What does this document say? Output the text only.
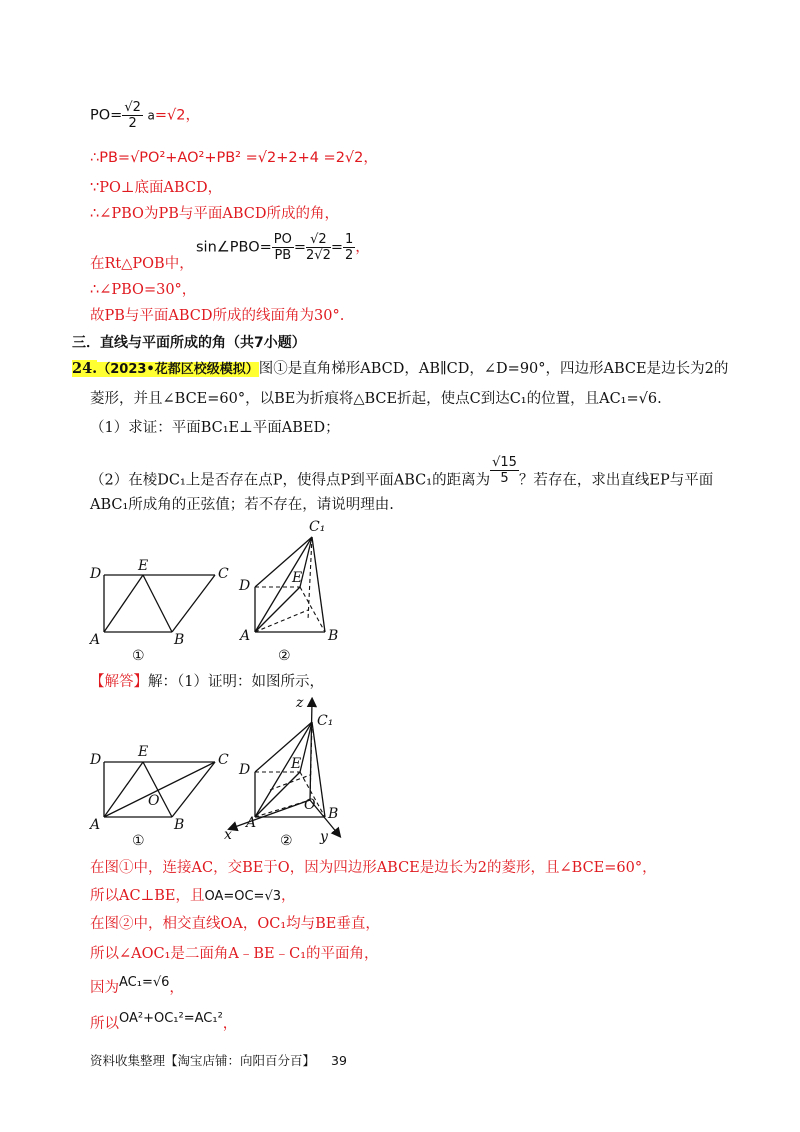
$PO= \frac{√2}{2} a=√2$，
∴PB=√PO²+AO²+PB² =√2+2+4 =2√2，
∵PO⊥底面ABCD，
∴∠PBO为PB与平面ABCD所成的角，
在Rt△POB中，
sin∠PBO= $\frac{PO}{PB} = \frac{√2}{2√2} = \frac{1}{2}$ ，
∴∠PBO=30°，
故PB与平面ABCD所成的线面角为30°.
三．直线与平面所成的角（共7小题）
24.（2023•花都区校级模拟）图①是直角梯形ABCD，AB∥CD，∠D=90°，四边形ABCE是边长为2的
菱形，并且∠BCE=60°，以BE为折痕将△BCE折起，使点C到达C₁的位置，且AC₁=√6.
（1）求证：平面BC₁E⊥平面ABED；
（2）在棱DC₁上是否存在点P，使得点P到平面ABC₁的距离为 $\frac{√15}{5}$ ？若存在，求出直线EP与平面
ABC₁所成角的正弦值；若不存在，请说明理由.
D	E	C
A	B
①
C₁
D	E
A	B
②
【解答】解：（1）证明：如图所示，
D	E	C
O
A	B
①
z
C₁
D	E
O
A
B
x	y
②
在图①中，连接AC，交BE于O，因为四边形ABCE是边长为2的菱形，且∠BCE=60°，
所以AC⊥BE，且OA=OC=√3，
在图②中，相交直线OA，OC₁均与BE垂直，
所以∠AOC₁是二面角A﹣BE﹣C₁的平面角，
因为AC₁=√6，
所以OA²+OC₁²=AC₁²，
资料收集整理【淘宝店铺：向阳百分百】 39
